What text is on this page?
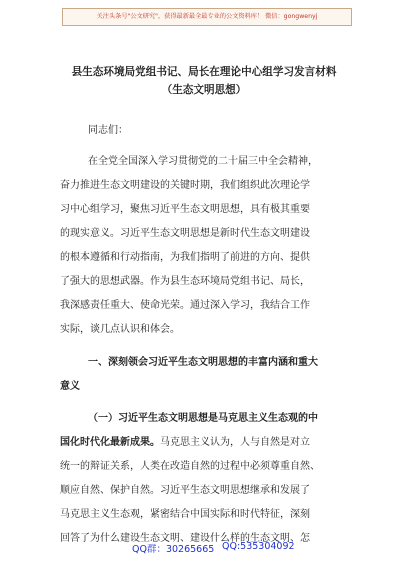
关注头条号"公文研究"，获得最新最全最专业的公文资料库！ 微信：gongwenyj
县生态环境局党组书记、局长在理论中心组学习发言材料
（生态文明思想）
同志们：
在全党全国深入学习贯彻党的二十届三中全会精神，
奋力推进生态文明建设的关键时期，我们组织此次理论学
习中心组学习，聚焦习近平生态文明思想，具有极其重要
的现实意义。习近平生态文明思想是新时代生态文明建设
的根本遵循和行动指南，为我们指明了前进的方向、提供
了强大的思想武器。作为县生态环境局党组书记、局长，
我深感责任重大、使命光荣。通过深入学习，我结合工作
实际，谈几点认识和体会。
一、深刻领会习近平生态文明思想的丰富内涵和重大
意义
（一）习近平生态文明思想是马克思主义生态观的中
国化时代化最新成果。马克思主义认为，人与自然是对立
统一的辩证关系，人类在改造自然的过程中必须尊重自然、
顺应自然、保护自然。习近平生态文明思想继承和发展了
马克思主义生态观，紧密结合中国实际和时代特征，深刻
回答了为什么建设生态文明、建设什么样的生态文明、怎
QQ群：30265665 QQ:535304092
